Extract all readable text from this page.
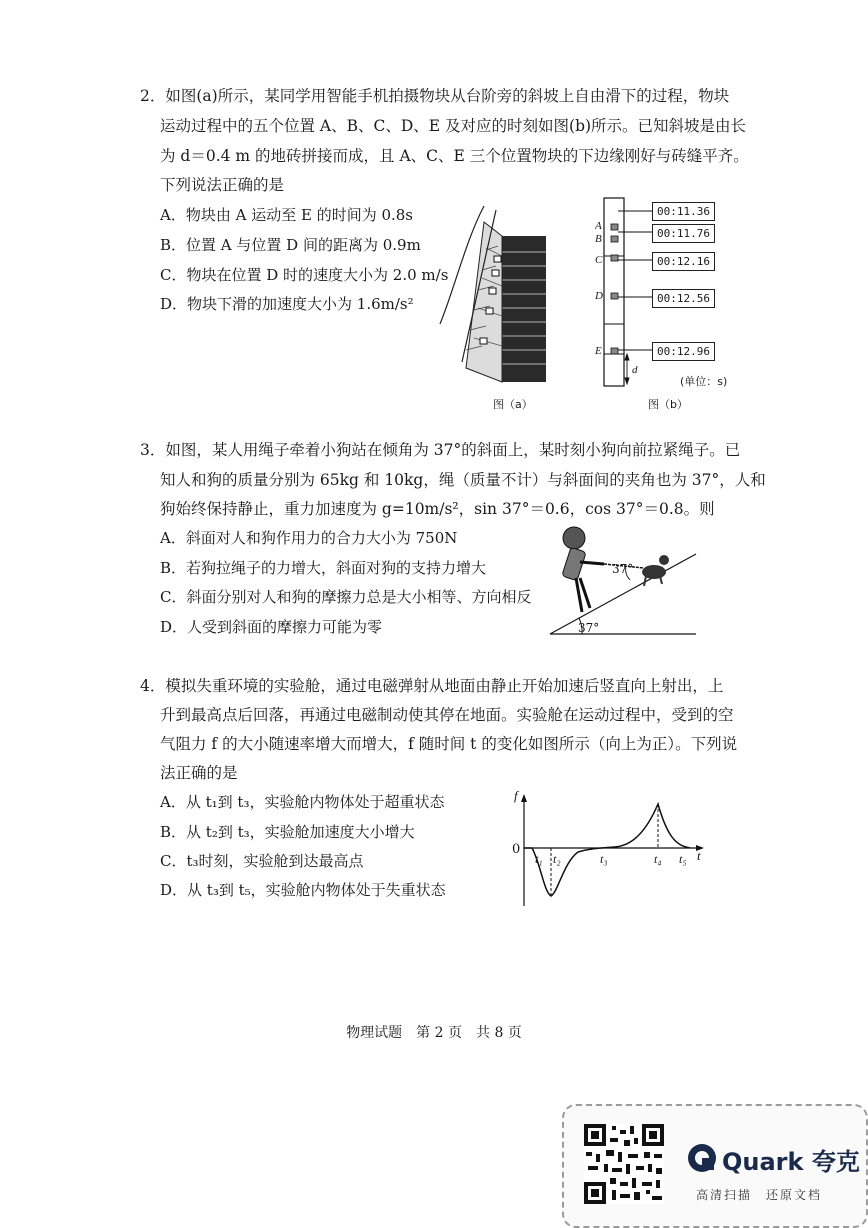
2．如图(a)所示，某同学用智能手机拍摄物块从台阶旁的斜坡上自由滑下的过程，物块
运动过程中的五个位置 A、B、C、D、E 及对应的时刻如图(b)所示。已知斜坡是由长
为 d＝0.4 m 的地砖拼接而成，且 A、C、E 三个位置物块的下边缘刚好与砖缝平齐。
下列说法正确的是
A．物块由 A 运动至 E 的时间为 0.8s
B．位置 A 与位置 D 间的距离为 0.9m
C．物块在位置 D 时的速度大小为 2.0 m/s
D．物块下滑的加速度大小为 1.6m/s²
图（a）
A
B
C
D
E
d
00:11.36
00:11.76
00:12.16
00:12.56
00:12.96
(单位：s)
图（b）
3．如图，某人用绳子牵着小狗站在倾角为 37°的斜面上，某时刻小狗向前拉紧绳子。已
知人和狗的质量分别为 65kg 和 10kg，绳（质量不计）与斜面间的夹角也为 37°，人和
狗始终保持静止，重力加速度为 g=10m/s²，sin 37°＝0.6，cos 37°＝0.8。则
A．斜面对人和狗作用力的合力大小为 750N
B．若狗拉绳子的力增大，斜面对狗的支持力增大
C．斜面分别对人和狗的摩擦力总是大小相等、方向相反
D．人受到斜面的摩擦力可能为零
37°
37°
4．模拟失重环境的实验舱，通过电磁弹射从地面由静止开始加速后竖直向上射出，上
升到最高点后回落，再通过电磁制动使其停在地面。实验舱在运动过程中，受到的空
气阻力 f 的大小随速率增大而增大，f 随时间 t 的变化如图所示（向上为正）。下列说
法正确的是
A．从 t₁到 t₃，实验舱内物体处于超重状态
B．从 t₂到 t₃，实验舱加速度大小增大
C．t₃时刻，实验舱到达最高点
D．从 t₃到 t₅，实验舱内物体处于失重状态
f
t
0
t₁ t₂	t₃	t₄ t₅
物理试题　第 2 页　共 8 页
Quark 夸克
高清扫描　还原文档
